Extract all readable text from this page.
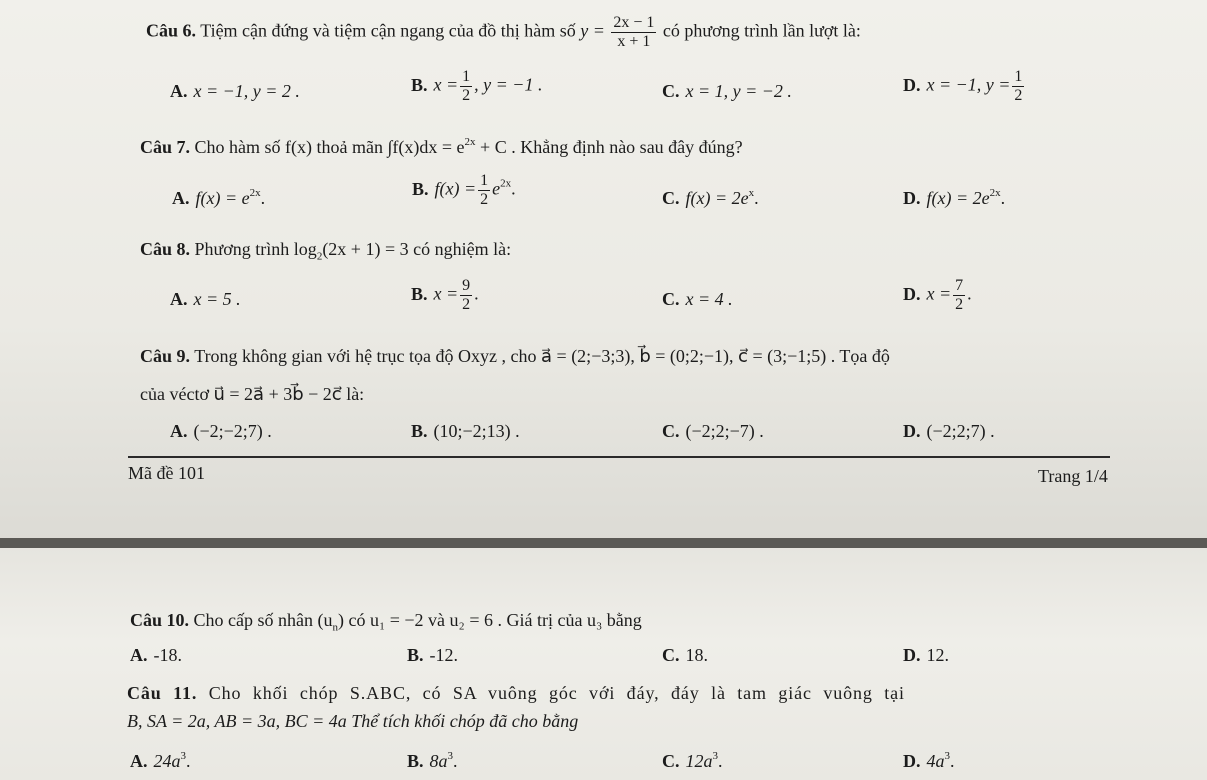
Câu 6. Tiệm cận đứng và tiệm cận ngang của đồ thị hàm số $y = \frac{2x - 1}{x + 1}$ có phương trình lần lượt là:
A. x = −1, y = 2 .	B. $x = \frac{1}{2}$ , y = −1 .	C. x = 1, y = −2 .	D. x = −1, $y = \frac{1}{2}$
Câu 7. Cho hàm số f(x) thoả mãn $\int f(x)dx = e^{2x} + C$ . Khẳng định nào sau đây đúng?
A. $f(x) = e^{2x}$.	B. $f(x) = \frac{1}{2} e^{2x}$.	C. $f(x) = 2e^x$.	D. $f(x) = 2e^{2x}$.
Câu 8. Phương trình $\log_2(2x + 1) = 3$ có nghiệm là:
A. x = 5 .	B. $x = \frac{9}{2}$ .	C. x = 4 .	D. $x = \frac{7}{2}$ .
Câu 9. Trong không gian với hệ trục tọa độ Oxyz , cho a⃗ = (2;−3;3), b⃗ = (0;2;−1), c⃗ = (3;−1;5) . Tọa độ
của véctơ u⃗ = 2a⃗ + 3b⃗ − 2c⃗ là:
A. (−2;−2;7) .	B. (10;−2;13) .	C. (−2;2;−7) .	D. (−2;2;7) .
Mã đề 101	Trang 1/4
Câu 10. Cho cấp số nhân $(u_n)$ có u₁ = −2 và u₂ = 6 . Giá trị của u₃ bằng
A. -18.	B. -12.	C. 18.	D. 12.
Câu 11. Cho khối chóp S.ABC, có SA vuông góc với đáy, đáy là tam giác vuông tại
B, SA = 2a, AB = 3a, BC = 4a Thể tích khối chóp đã cho bằng
A. $24a^3$.	B. $8a^3$.	C. $12a^3$.	D. $4a^3$.
